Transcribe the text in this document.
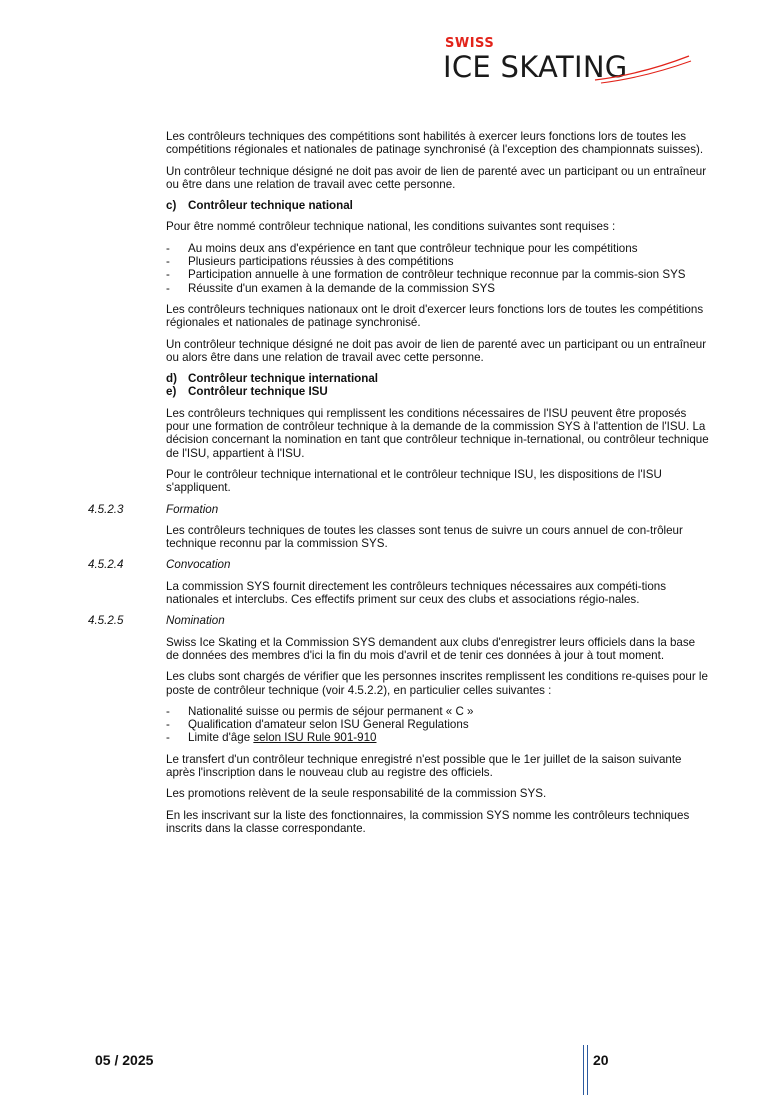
SWISS
ICE SKATING

Les contrôleurs techniques des compétitions sont habilités à exercer leurs fonctions lors de toutes les compétitions régionales et nationales de patinage synchronisé (à l'exception des championnats suisses).

Un contrôleur technique désigné ne doit pas avoir de lien de parenté avec un participant ou un entraîneur ou être dans une relation de travail avec cette personne.

c) Contrôleur technique national

Pour être nommé contrôleur technique national, les conditions suivantes sont requises :

- Au moins deux ans d'expérience en tant que contrôleur technique pour les compétitions
- Plusieurs participations réussies à des compétitions
- Participation annuelle à une formation de contrôleur technique reconnue par la commis-sion SYS
- Réussite d'un examen à la demande de la commission SYS

Les contrôleurs techniques nationaux ont le droit d'exercer leurs fonctions lors de toutes les compétitions régionales et nationales de patinage synchronisé.

Un contrôleur technique désigné ne doit pas avoir de lien de parenté avec un participant ou un entraîneur ou alors être dans une relation de travail avec cette personne.

d) Contrôleur technique international

e) Contrôleur technique ISU

Les contrôleurs techniques qui remplissent les conditions nécessaires de l'ISU peuvent être proposés pour une formation de contrôleur technique à la demande de la commission SYS à l'attention de l'ISU. La décision concernant la nomination en tant que contrôleur technique in-ternational, ou contrôleur technique de l'ISU, appartient à l'ISU.

Pour le contrôleur technique international et le contrôleur technique ISU, les dispositions de l'ISU s'appliquent.

4.5.2.3	Formation

Les contrôleurs techniques de toutes les classes sont tenus de suivre un cours annuel de con-trôleur technique reconnu par la commission SYS.

4.5.2.4	Convocation

La commission SYS fournit directement les contrôleurs techniques nécessaires aux compéti-tions nationales et interclubs. Ces effectifs priment sur ceux des clubs et associations régio-nales.

4.5.2.5	Nomination

Swiss Ice Skating et la Commission SYS demandent aux clubs d'enregistrer leurs officiels dans la base de données des membres d'ici la fin du mois d'avril et de tenir ces données à jour à tout moment.

Les clubs sont chargés de vérifier que les personnes inscrites remplissent les conditions re-quises pour le poste de contrôleur technique (voir 4.5.2.2), en particulier celles suivantes :

- Nationalité suisse ou permis de séjour permanent « C »
- Qualification d'amateur selon ISU General Regulations
- Limite d'âge selon ISU Rule 901-910

Le transfert d'un contrôleur technique enregistré n'est possible que le 1er juillet de la saison suivante après l'inscription dans le nouveau club au registre des officiels.

Les promotions relèvent de la seule responsabilité de la commission SYS.

En les inscrivant sur la liste des fonctionnaires, la commission SYS nomme les contrôleurs techniques inscrits dans la classe correspondante.

05 / 2025	20
